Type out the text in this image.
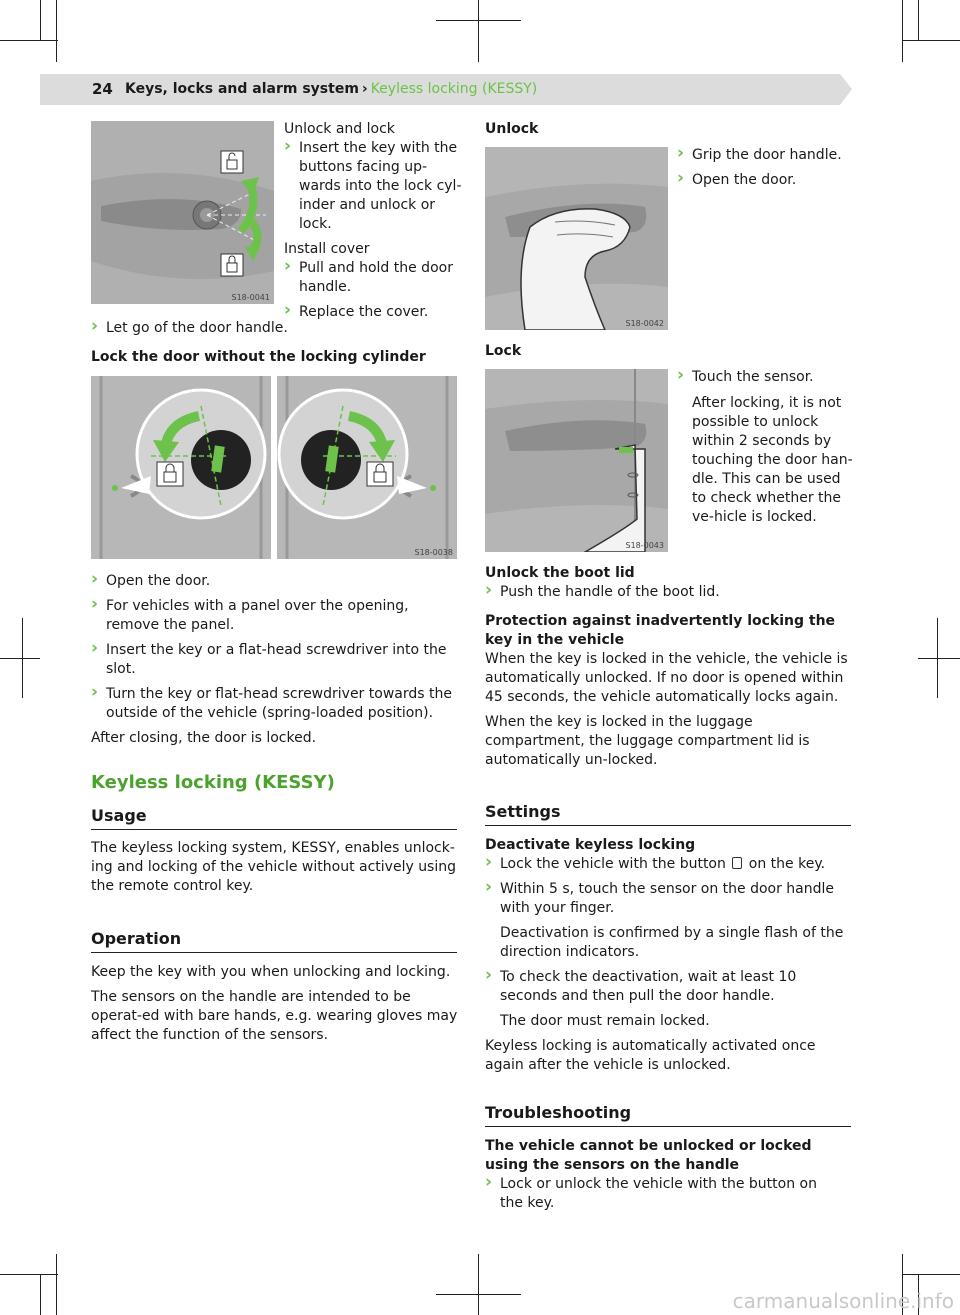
24 Keys, locks and alarm system › Keyless locking (KESSY)
S18-0041
Unlock and lock
› Insert the key with the buttons facing up-wards into the lock cyl-inder and unlock or lock.
Install cover
› Pull and hold the door handle.
› Replace the cover.
› Let go of the door handle.
Lock the door without the locking cylinder
S18-0038
› Open the door.
› For vehicles with a panel over the opening, remove the panel.
› Insert the key or a flat-head screwdriver into the slot.
› Turn the key or flat-head screwdriver towards the outside of the vehicle (spring-loaded position).
After closing, the door is locked.
Keyless locking (KESSY)
Usage
The keyless locking system, KESSY, enables unlock-ing and locking of the vehicle without actively using the remote control key.
Operation
Keep the key with you when unlocking and locking.
The sensors on the handle are intended to be operat-ed with bare hands, e.g. wearing gloves may affect the function of the sensors.
Unlock
S18-0042
› Grip the door handle.
› Open the door.
Lock
S18-0043
› Touch the sensor.
After locking, it is not possible to unlock within 2 seconds by touching the door han-dle. This can be used to check whether the ve-hicle is locked.
Unlock the boot lid
› Push the handle of the boot lid.
Protection against inadvertently locking the key in the vehicle
When the key is locked in the vehicle, the vehicle is automatically unlocked. If no door is opened within 45 seconds, the vehicle automatically locks again.
When the key is locked in the luggage compartment, the luggage compartment lid is automatically un-locked.
Settings
Deactivate keyless locking
› Lock the vehicle with the button on the key.
› Within 5 s, touch the sensor on the door handle with your finger.
Deactivation is confirmed by a single flash of the direction indicators.
› To check the deactivation, wait at least 10 seconds and then pull the door handle.
The door must remain locked.
Keyless locking is automatically activated once again after the vehicle is unlocked.
Troubleshooting
The vehicle cannot be unlocked or locked using the sensors on the handle
› Lock or unlock the vehicle with the button on the key.
carmanualsonline.info
